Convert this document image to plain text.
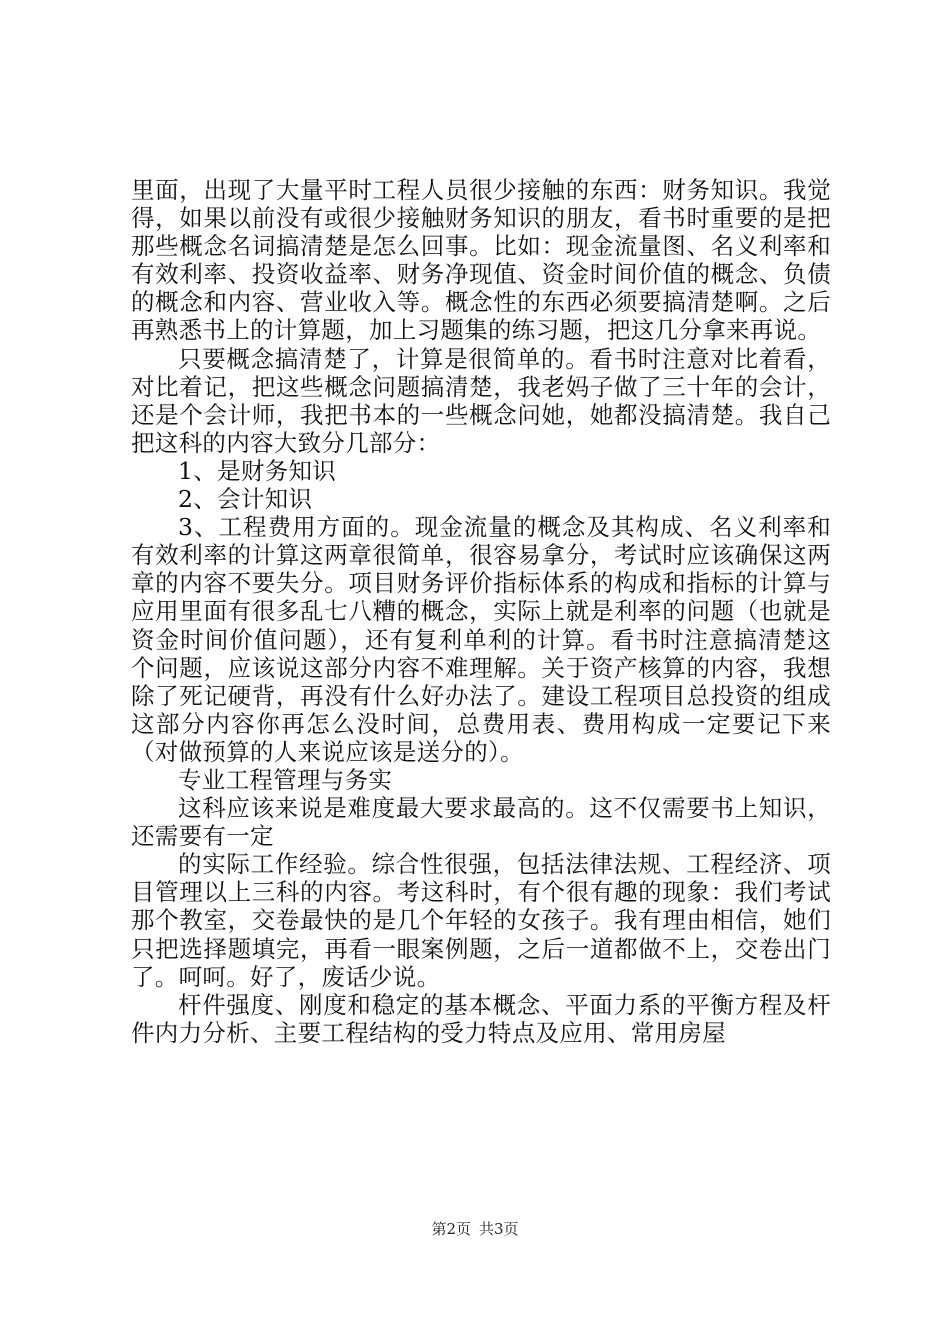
里面，出现了大量平时工程人员很少接触的东西：财务知识。我觉得，如果以前没有或很少接触财务知识的朋友，看书时重要的是把那些概念名词搞清楚是怎么回事。比如：现金流量图、名义利率和有效利率、投资收益率、财务净现值、资金时间价值的概念、负债的概念和内容、营业收入等。概念性的东西必须要搞清楚啊。之后再熟悉书上的计算题，加上习题集的练习题，把这几分拿来再说。

只要概念搞清楚了，计算是很简单的。看书时注意对比着看，对比着记，把这些概念问题搞清楚，我老妈子做了三十年的会计，还是个会计师，我把书本的一些概念问她，她都没搞清楚。我自己把这科的内容大致分几部分：

1、是财务知识

2、会计知识

3、工程费用方面的。现金流量的概念及其构成、名义利率和有效利率的计算这两章很简单，很容易拿分，考试时应该确保这两章的内容不要失分。项目财务评价指标体系的构成和指标的计算与应用里面有很多乱七八糟的概念，实际上就是利率的问题（也就是资金时间价值问题），还有复利单利的计算。看书时注意搞清楚这个问题，应该说这部分内容不难理解。关于资产核算的内容，我想除了死记硬背，再没有什么好办法了。建设工程项目总投资的组成这部分内容你再怎么没时间，总费用表、费用构成一定要记下来（对做预算的人来说应该是送分的）。

专业工程管理与务实

这科应该来说是难度最大要求最高的。这不仅需要书上知识，还需要有一定

的实际工作经验。综合性很强，包括法律法规、工程经济、项目管理以上三科的内容。考这科时，有个很有趣的现象：我们考试那个教室，交卷最快的是几个年轻的女孩子。我有理由相信，她们只把选择题填完，再看一眼案例题，之后一道都做不上，交卷出门了。呵呵。好了，废话少说。

杆件强度、刚度和稳定的基本概念、平面力系的平衡方程及杆件内力分析、主要工程结构的受力特点及应用、常用房屋

第2页 共3页
